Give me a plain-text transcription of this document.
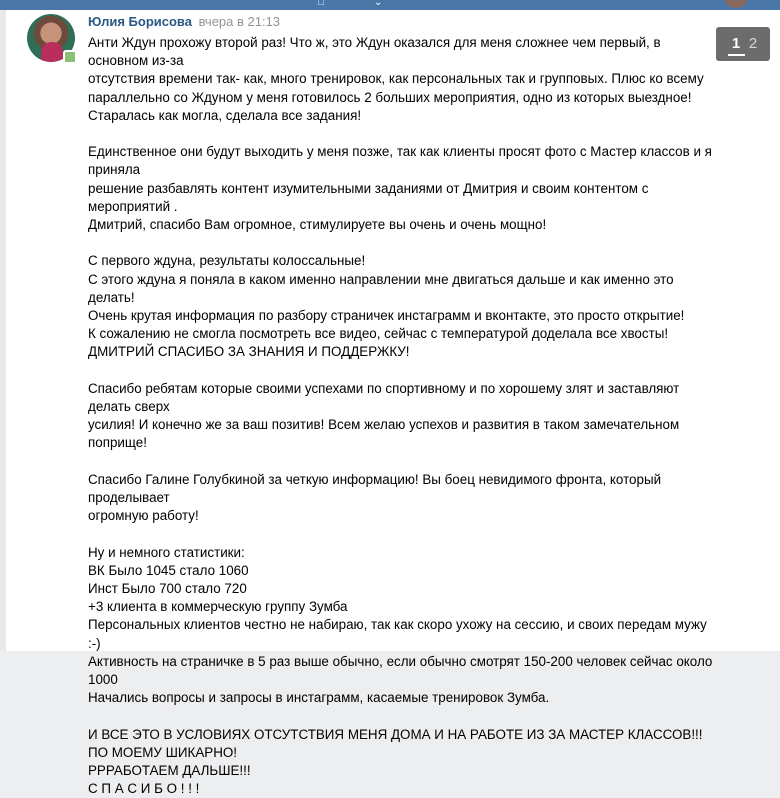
□	⌄
Юлия Борисова вчера в 21:13

Анти Ждун прохожу второй раз! Что ж, это Ждун оказался для меня сложнее чем первый, в основном из-за
отсутствия времени так- как, много тренировок, как персональных так и групповых. Плюс ко всему
параллельно со Ждуном у меня готовилось 2 больших мероприятия, одно из которых выездное!
Старалась как могла, сделала все задания!

Единственное они будут выходить у меня позже, так как клиенты просят фото с Мастер классов и я приняла
решение разбавлять контент изумительными заданиями от Дмитрия и своим контентом с мероприятий .
Дмитрий, спасибо Вам огромное, стимулируете вы очень и очень мощно!

С первого ждуна, результаты колоссальные!
С этого ждуна я поняла в каком именно направлении мне двигаться дальше и как именно это делать!
Очень крутая информация по разбору страничек инстаграмм и вконтакте, это просто открытие!
К сожалению не смогла посмотреть все видео, сейчас с температурой доделала все хвосты!
ДМИТРИЙ СПАСИБО ЗА ЗНАНИЯ И ПОДДЕРЖКУ!

Спасибо ребятам которые своими успехами по спортивному и по хорошему злят и заставляют делать сверх
усилия! И конечно же за ваш позитив! Всем желаю успехов и развития в таком замечательном поприще!

Спасибо Галине Голубкиной за четкую информацию! Вы боец невидимого фронта, который проделывает
огромную работу!

Ну и немного статистики:
ВК Было 1045 стало 1060
Инст Было 700 стало 720
+3 клиента в коммерческую группу Зумба
Персональных клиентов честно не набираю, так как скоро ухожу на сессию, и своих передам мужу :-)
Активность на страничке в 5 раз выше обычно, если обычно смотрят 150-200 человек сейчас около 1000
Начались вопросы и запросы в инстаграмм, касаемые тренировок Зумба.

И ВСЕ ЭТО В УСЛОВИЯХ ОТСУТСТВИЯ МЕНЯ ДОМА И НА РАБОТЕ ИЗ ЗА МАСТЕР КЛАССОВ!!!
ПО МОЕМУ ШИКАРНО!
РРРАБОТАЕМ ДАЛЬШЕ!!!
С П А С И Б О ! ! !

1 2
